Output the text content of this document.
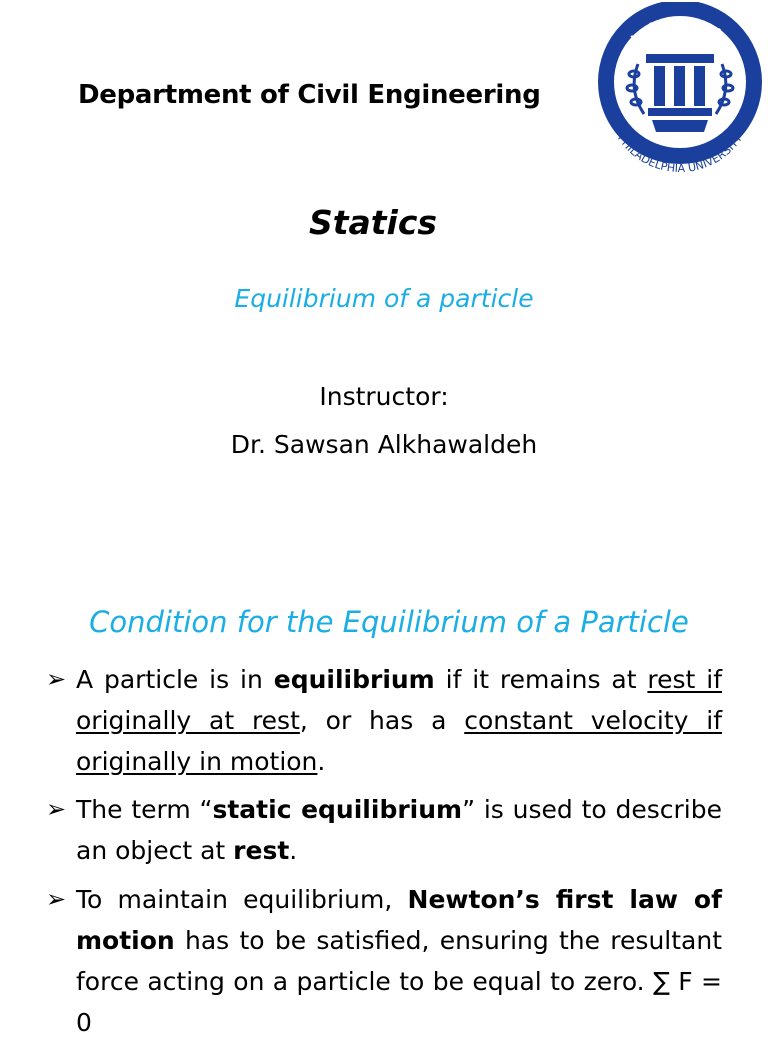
Department of Civil Engineering
جامعة فيلادلفيا
PHILADELPHIA UNIVERSITY
Statics
Equilibrium of a particle
Instructor:
Dr. Sawsan Alkhawaldeh
Condition for the Equilibrium of a Particle
➢ A particle is in equilibrium if it remains at rest if originally at rest, or has a constant velocity if originally in motion.
➢ The term “static equilibrium” is used to describe an object at rest.
➢ To maintain equilibrium, Newton’s first law of motion has to be satisfied, ensuring the resultant force acting on a particle to be equal to zero. ∑ F = 0
